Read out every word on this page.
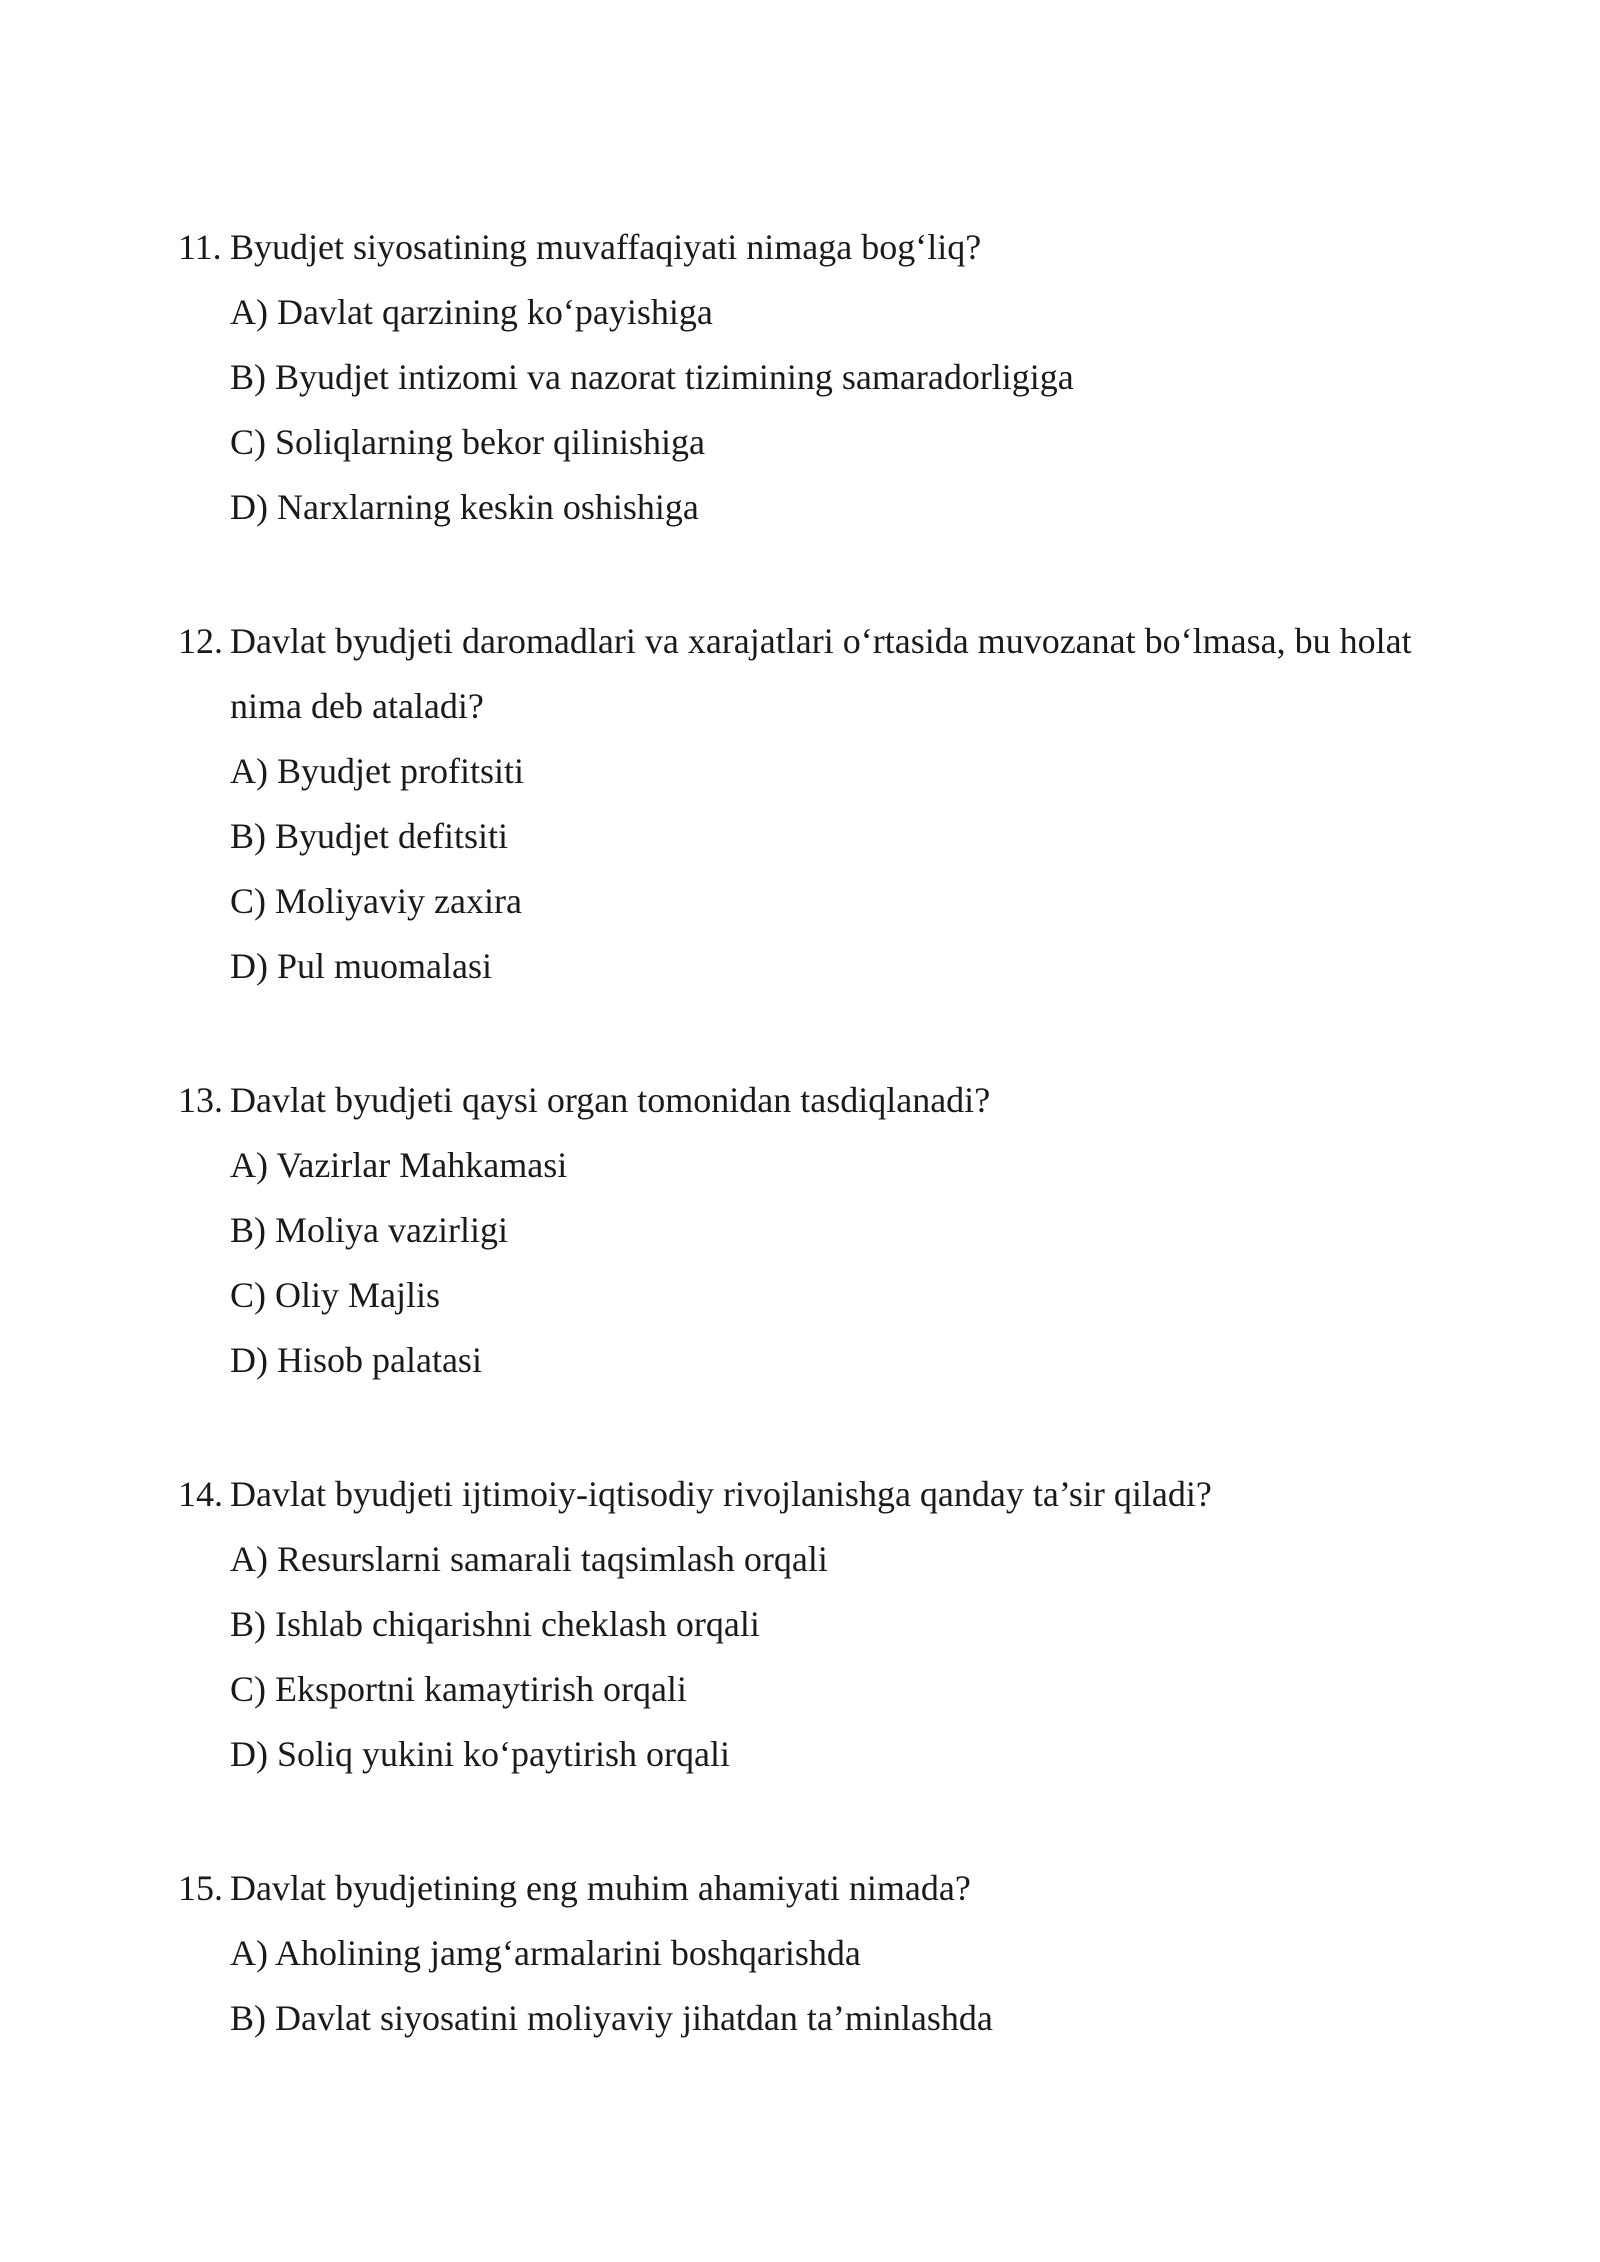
11. Byudjet siyosatining muvaffaqiyati nimaga bog‘liq?
A) Davlat qarzining ko‘payishiga
B) Byudjet intizomi va nazorat tizimining samaradorligiga
C) Soliqlarning bekor qilinishiga
D) Narxlarning keskin oshishiga
12. Davlat byudjeti daromadlari va xarajatlari o‘rtasida muvozanat bo‘lmasa, bu holat nima deb ataladi?
A) Byudjet profitsiti
B) Byudjet defitsiti
C) Moliyaviy zaxira
D) Pul muomalasi
13. Davlat byudjeti qaysi organ tomonidan tasdiqlanadi?
A) Vazirlar Mahkamasi
B) Moliya vazirligi
C) Oliy Majlis
D) Hisob palatasi
14. Davlat byudjeti ijtimoiy-iqtisodiy rivojlanishga qanday ta’sir qiladi?
A) Resurslarni samarali taqsimlash orqali
B) Ishlab chiqarishni cheklash orqali
C) Eksportni kamaytirish orqali
D) Soliq yukini ko‘paytirish orqali
15. Davlat byudjetining eng muhim ahamiyati nimada?
A) Aholining jamg‘armalarini boshqarishda
B) Davlat siyosatini moliyaviy jihatdan ta’minlashda
